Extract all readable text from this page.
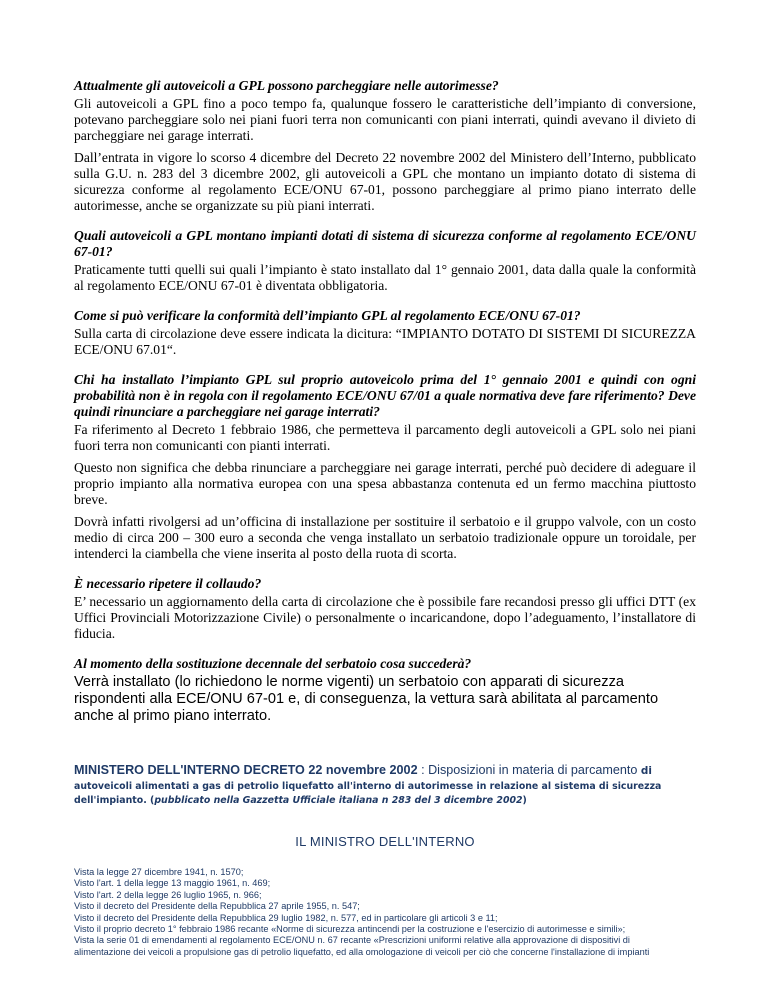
Attualmente gli autoveicoli a GPL possono parcheggiare nelle autorimesse?

Gli autoveicoli a GPL fino a poco tempo fa, qualunque fossero le caratteristiche dell’impianto di conversione, potevano parcheggiare solo nei piani fuori terra non comunicanti con piani interrati, quindi avevano il divieto di parcheggiare nei garage interrati.

Dall’entrata in vigore lo scorso 4 dicembre del Decreto 22 novembre 2002 del Ministero dell’Interno, pubblicato sulla G.U. n. 283 del 3 dicembre 2002, gli autoveicoli a GPL che montano un impianto dotato di sistema di sicurezza conforme al regolamento ECE/ONU 67-01, possono parcheggiare al primo piano interrato delle autorimesse, anche se organizzate su più piani interrati.

Quali autoveicoli a GPL montano impianti dotati di sistema di sicurezza conforme al regolamento ECE/ONU 67-01?

Praticamente tutti quelli sui quali l’impianto è stato installato dal 1° gennaio 2001, data dalla quale la conformità al regolamento ECE/ONU 67-01 è diventata obbligatoria.

Come si può verificare la conformità dell’impianto GPL al regolamento ECE/ONU 67-01?

Sulla carta di circolazione deve essere indicata la dicitura: “IMPIANTO DOTATO DI SISTEMI DI SICUREZZA ECE/ONU 67.01“.

Chi ha installato l’impianto GPL sul proprio autoveicolo prima del 1° gennaio 2001 e quindi con ogni probabilità non è in regola con il regolamento ECE/ONU 67/01 a quale normativa deve fare riferimento? Deve quindi rinunciare a parcheggiare nei garage interrati?

Fa riferimento al Decreto 1 febbraio 1986, che permetteva il parcamento degli autoveicoli a GPL solo nei piani fuori terra non comunicanti con pianti interrati.

Questo non significa che debba rinunciare a parcheggiare nei garage interrati, perché può decidere di adeguare il proprio impianto alla normativa europea con una spesa abbastanza contenuta ed un fermo macchina piuttosto breve.

Dovrà infatti rivolgersi ad un’officina di installazione per sostituire il serbatoio e il gruppo valvole, con un costo medio di circa 200 – 300 euro a seconda che venga installato un serbatoio tradizionale oppure un toroidale, per intenderci la ciambella che viene inserita al posto della ruota di scorta.

È necessario ripetere il collaudo?

E’ necessario un aggiornamento della carta di circolazione che è possibile fare recandosi presso gli uffici DTT (ex Uffici Provinciali Motorizzazione Civile) o personalmente o incaricandone, dopo l’adeguamento, l’installatore di fiducia.

Al momento della sostituzione decennale del serbatoio cosa succederà?

Verrà installato (lo richiedono le norme vigenti) un serbatoio con apparati di sicurezza rispondenti alla ECE/ONU 67-01 e, di conseguenza, la vettura sarà abilitata al parcamento anche al primo piano interrato.

MINISTERO DELL'INTERNO DECRETO 22 novembre 2002 : Disposizioni in materia di parcamento di

autoveicoli alimentati a gas di petrolio liquefatto all'interno di autorimesse in relazione al sistema di sicurezza dell'impianto. (pubblicato nella Gazzetta Ufficiale italiana n 283 del 3 dicembre 2002)

IL MINISTRO DELL'INTERNO
Vista la legge 27 dicembre 1941, n. 1570;
Visto l'art. 1 della legge 13 maggio 1961, n. 469;
Visto l'art. 2 della legge 26 luglio 1965, n. 966;
Visto il decreto del Presidente della Repubblica 27 aprile 1955, n. 547;
Visto il decreto del Presidente della Repubblica 29 luglio 1982, n. 577, ed in particolare gli articoli 3 e 11;
Visto il proprio decreto 1° febbraio 1986 recante «Norme di sicurezza antincendi per la costruzione e l'esercizio di autorimesse e simili»;
Vista la serie 01 di emendamenti al regolamento ECE/ONU n. 67 recante «Prescrizioni uniformi relative alla approvazione di dispositivi di
alimentazione dei veicoli a propulsione gas di petrolio liquefatto, ed alla omologazione di veicoli per ciò che concerne l'installazione di impianti
